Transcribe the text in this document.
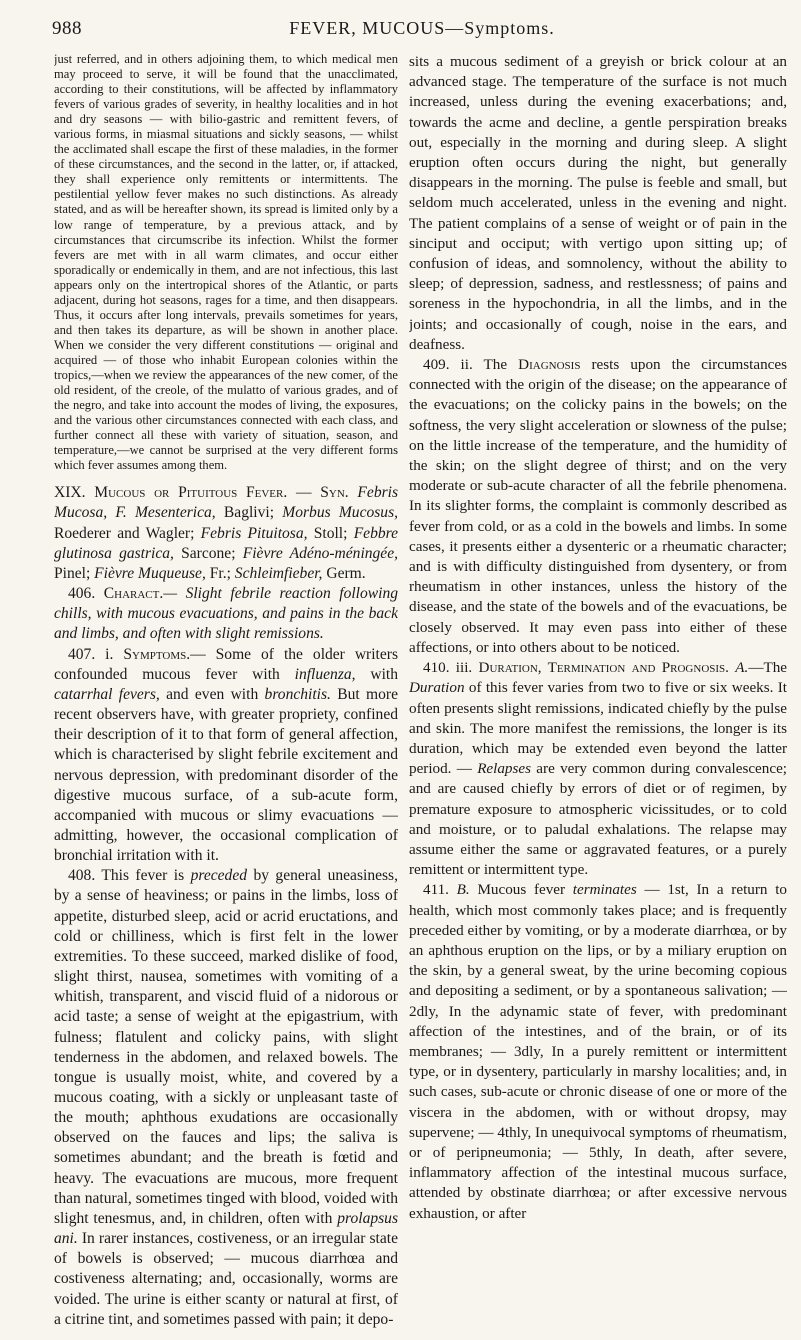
988	FEVER, MUCOUS—Symptoms.

just referred, and in others adjoining them, to which medical men may proceed to serve, it will be found that the unacclimated, according to their constitutions, will be affected by inflammatory fevers of various grades of severity, in healthy localities and in hot and dry seasons — with bilio-gastric and remittent fevers, of various forms, in miasmal situations and sickly seasons, — whilst the acclimated shall escape the first of these maladies, in the former of these circumstances, and the second in the latter, or, if attacked, they shall experience only remittents or intermittents. The pestilential yellow fever makes no such distinctions. As already stated, and as will be hereafter shown, its spread is limited only by a low range of temperature, by a previous attack, and by circumstances that circumscribe its infection. Whilst the former fevers are met with in all warm climates, and occur either sporadically or endemically in them, and are not infectious, this last appears only on the intertropical shores of the Atlantic, or parts adjacent, during hot seasons, rages for a time, and then disappears. Thus, it occurs after long intervals, prevails sometimes for years, and then takes its departure, as will be shown in another place. When we consider the very different constitutions — original and acquired — of those who inhabit European colonies within the tropics,—when we review the appearances of the new comer, of the old resident, of the creole, of the mulatto of various grades, and of the negro, and take into account the modes of living, the exposures, and the various other circumstances connected with each class, and further connect all these with variety of situation, season, and temperature,—we cannot be surprised at the very different forms which fever assumes among them.

XIX. Mucous or Pituitous Fever. — Syn. Febris Mucosa, F. Mesenterica, Baglivi; Morbus Mucosus, Roederer and Wagler; Febris Pituitosa, Stoll; Febbre glutinosa gastrica, Sarcone; Fièvre Adéno-méningée, Pinel; Fièvre Muqueuse, Fr.; Schleimfieber, Germ.

406. Charact.— Slight febrile reaction following chills, with mucous evacuations, and pains in the back and limbs, and often with slight remissions.

407. i. Symptoms.— Some of the older writers confounded mucous fever with influenza, with catarrhal fevers, and even with bronchitis. But more recent observers have, with greater propriety, confined their description of it to that form of general affection, which is characterised by slight febrile excitement and nervous depression, with predominant disorder of the digestive mucous surface, of a sub-acute form, accompanied with mucous or slimy evacuations — admitting, however, the occasional complication of bronchial irritation with it.

408. This fever is preceded by general uneasiness, by a sense of heaviness; or pains in the limbs, loss of appetite, disturbed sleep, acid or acrid eructations, and cold or chilliness, which is first felt in the lower extremities. To these succeed, marked dislike of food, slight thirst, nausea, sometimes with vomiting of a whitish, transparent, and viscid fluid of a nidorous or acid taste; a sense of weight at the epigastrium, with fulness; flatulent and colicky pains, with slight tenderness in the abdomen, and relaxed bowels. The tongue is usually moist, white, and covered by a mucous coating, with a sickly or unpleasant taste of the mouth; aphthous exudations are occasionally observed on the fauces and lips; the saliva is sometimes abundant; and the breath is fœtid and heavy. The evacuations are mucous, more frequent than natural, sometimes tinged with blood, voided with slight tenesmus, and, in children, often with prolapsus ani. In rarer instances, costiveness, or an irregular state of bowels is observed; — mucous diarrhœa and costiveness alternating; and, occasionally, worms are voided. The urine is either scanty or natural at first, of a citrine tint, and sometimes passed with pain; it depo-

sits a mucous sediment of a greyish or brick colour at an advanced stage. The temperature of the surface is not much increased, unless during the evening exacerbations; and, towards the acme and decline, a gentle perspiration breaks out, especially in the morning and during sleep. A slight eruption often occurs during the night, but generally disappears in the morning. The pulse is feeble and small, but seldom much accelerated, unless in the evening and night. The patient complains of a sense of weight or of pain in the sinciput and occiput; with vertigo upon sitting up; of confusion of ideas, and somnolency, without the ability to sleep; of depression, sadness, and restlessness; of pains and soreness in the hypochondria, in all the limbs, and in the joints; and occasionally of cough, noise in the ears, and deafness.

409. ii. The Diagnosis rests upon the circumstances connected with the origin of the disease; on the appearance of the evacuations; on the colicky pains in the bowels; on the softness, the very slight acceleration or slowness of the pulse; on the little increase of the temperature, and the humidity of the skin; on the slight degree of thirst; and on the very moderate or sub-acute character of all the febrile phenomena. In its slighter forms, the complaint is commonly described as fever from cold, or as a cold in the bowels and limbs. In some cases, it presents either a dysenteric or a rheumatic character; and is with difficulty distinguished from dysentery, or from rheumatism in other instances, unless the history of the disease, and the state of the bowels and of the evacuations, be closely observed. It may even pass into either of these affections, or into others about to be noticed.

410. iii. Duration, Termination and Prognosis. A.—The Duration of this fever varies from two to five or six weeks. It often presents slight remissions, indicated chiefly by the pulse and skin. The more manifest the remissions, the longer is its duration, which may be extended even beyond the latter period. — Relapses are very common during convalescence; and are caused chiefly by errors of diet or of regimen, by premature exposure to atmospheric vicissitudes, or to cold and moisture, or to paludal exhalations. The relapse may assume either the same or aggravated features, or a purely remittent or intermittent type.

411. B. Mucous fever terminates — 1st, In a return to health, which most commonly takes place; and is frequently preceded either by vomiting, or by a moderate diarrhœa, or by an aphthous eruption on the lips, or by a miliary eruption on the skin, by a general sweat, by the urine becoming copious and depositing a sediment, or by a spontaneous salivation; — 2dly, In the adynamic state of fever, with predominant affection of the intestines, and of the brain, or of its membranes; — 3dly, In a purely remittent or intermittent type, or in dysentery, particularly in marshy localities; and, in such cases, sub-acute or chronic disease of one or more of the viscera in the abdomen, with or without dropsy, may supervene; — 4thly, In unequivocal symptoms of rheumatism, or of peripneumonia; — 5thly, In death, after severe, inflammatory affection of the intestinal mucous surface, attended by obstinate diarrhœa; or after excessive nervous exhaustion, or after
